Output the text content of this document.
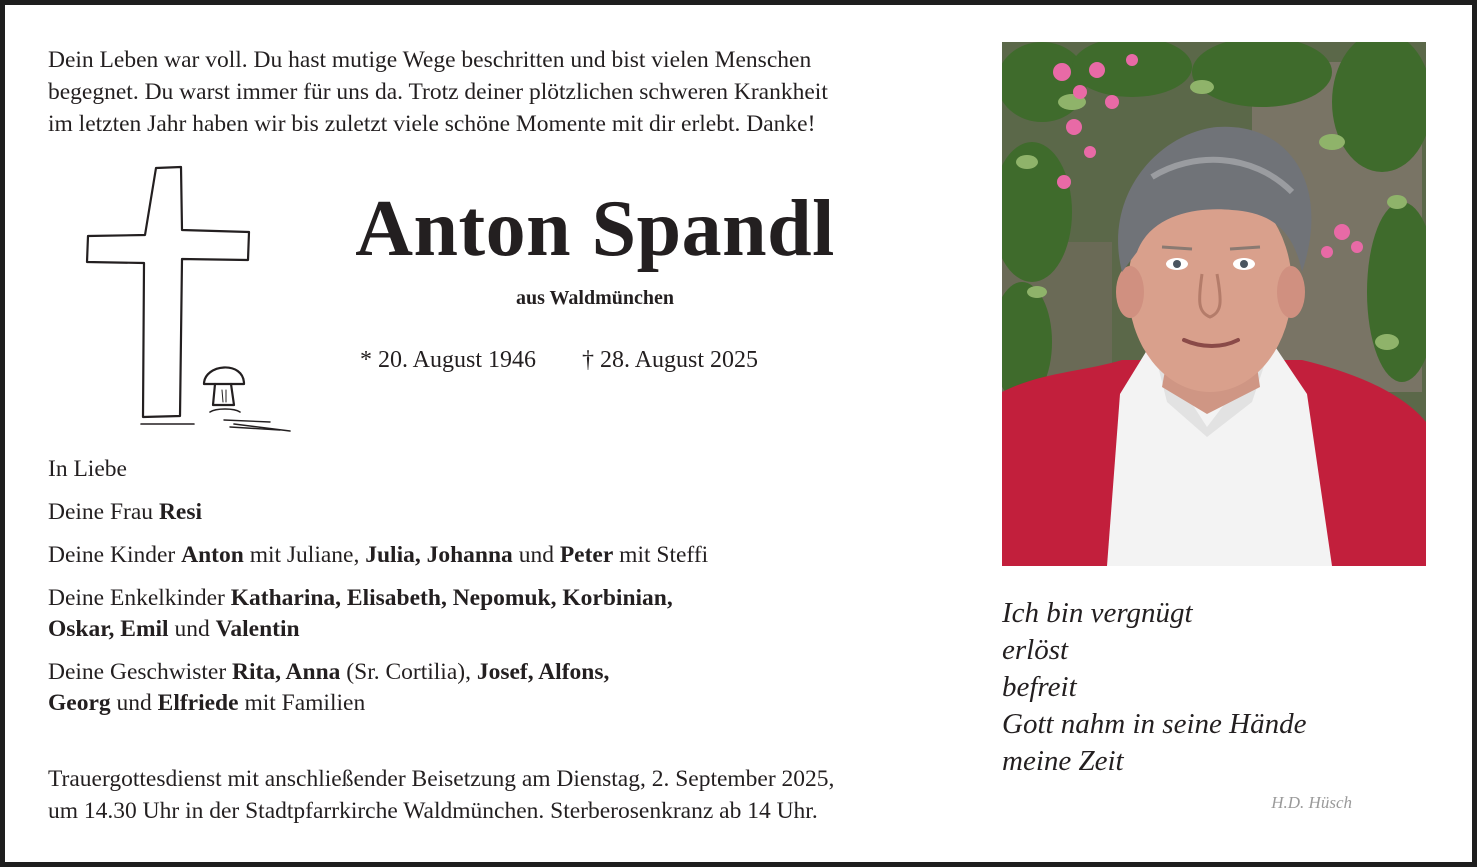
Dein Leben war voll. Du hast mutige Wege beschritten und bist vielen Menschen
begegnet. Du warst immer für uns da. Trotz deiner plötzlichen schweren Krankheit
im letzten Jahr haben wir bis zuletzt viele schöne Momente mit dir erlebt. Danke!
Anton Spandl
aus Waldmünchen
* 20. August 1946 † 28. August 2025

In Liebe

Deine Frau Resi

Deine Kinder Anton mit Juliane, Julia, Johanna und Peter mit Steffi

Deine Enkelkinder Katharina, Elisabeth, Nepomuk, Korbinian,
Oskar, Emil und Valentin

Deine Geschwister Rita, Anna (Sr. Cortilia), Josef, Alfons,
Georg und Elfriede mit Familien

Trauergottesdienst mit anschließender Beisetzung am Dienstag, 2. September 2025,
um 14.30 Uhr in der Stadtpfarrkirche Waldmünchen. Sterberosenkranz ab 14 Uhr.
Ich bin vergnügt
erlöst
befreit
Gott nahm in seine Hände
meine Zeit
H.D. Hüsch
